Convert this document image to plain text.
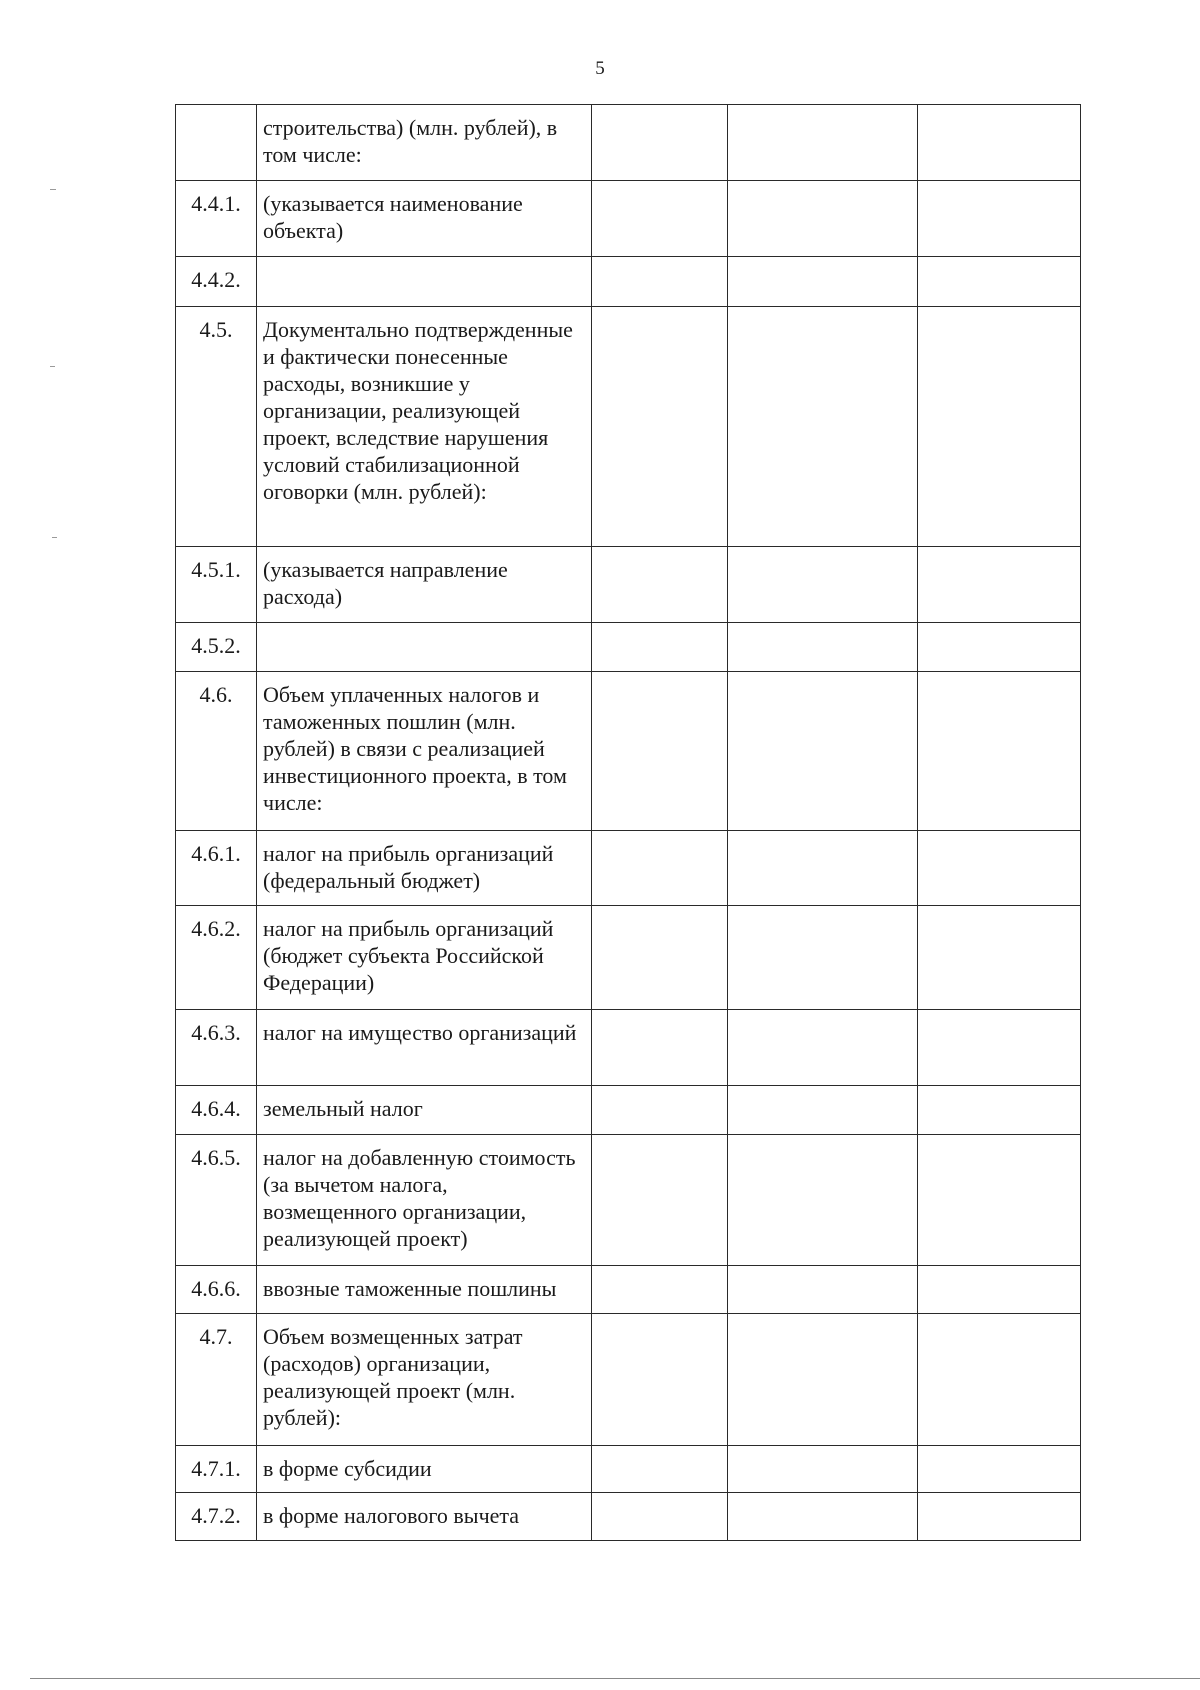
5
	строительства) (млн. рублей), в том числе:			
4.4.1.	(указывается наименование объекта)			
4.4.2.				
4.5.	Документально подтвержденные и фактически понесенные расходы, возникшие у организации, реализующей проект, вследствие нарушения условий стабилизационной оговорки (млн. рублей):			
4.5.1.	(указывается направление расхода)			
4.5.2.				
4.6.	Объем уплаченных налогов и таможенных пошлин (млн. рублей) в связи с реализацией инвестиционного проекта, в том числе:			
4.6.1.	налог на прибыль организаций (федеральный бюджет)			
4.6.2.	налог на прибыль организаций (бюджет субъекта Российской Федерации)			
4.6.3.	налог на имущество организаций			
4.6.4.	земельный налог			
4.6.5.	налог на добавленную стоимость (за вычетом налога, возмещенного организации, реализующей проект)			
4.6.6.	ввозные таможенные пошлины			
4.7.	Объем возмещенных затрат (расходов) организации, реализующей проект (млн. рублей):			
4.7.1.	в форме субсидии			
4.7.2.	в форме налогового вычета			
